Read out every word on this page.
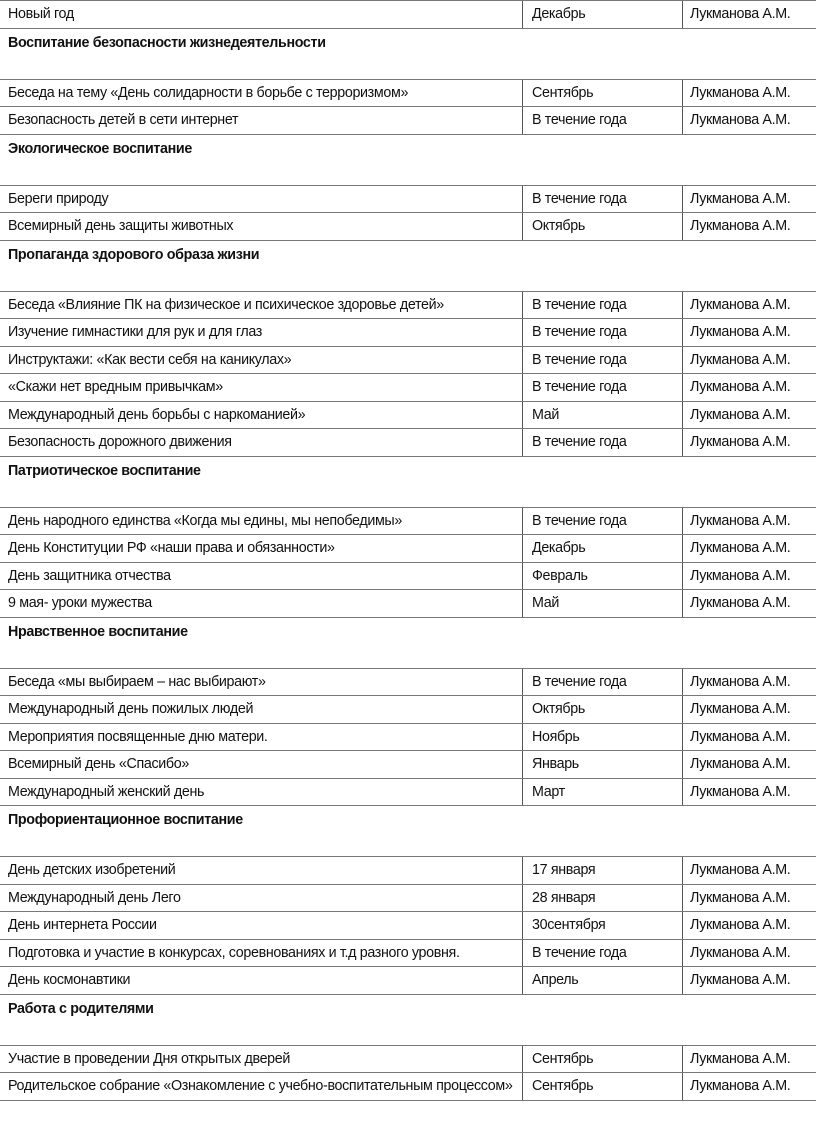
Новый год	Декабрь	Лукманова А.М.
Воспитание безопасности жизнедеятельности
Беседа на тему «День солидарности в борьбе с терроризмом»	Сентябрь	Лукманова А.М.
Безопасность детей в сети интернет	В течение года	Лукманова А.М.
Экологическое воспитание
Береги природу	В течение года	Лукманова А.М.
Всемирный день защиты животных	Октябрь	Лукманова А.М.
Пропаганда здорового образа жизни
Беседа «Влияние ПК на физическое и психическое здоровье детей»	В течение года	Лукманова А.М.
Изучение гимнастики для рук и для глаз	В течение года	Лукманова А.М.
Инструктажи: «Как вести себя на каникулах»	В течение года	Лукманова А.М.
«Скажи нет вредным привычкам»	В течение года	Лукманова А.М.
Международный день борьбы с наркоманией»	Май	Лукманова А.М.
Безопасность дорожного движения	В течение года	Лукманова А.М.
Патриотическое воспитание
День народного единства «Когда мы едины, мы непобедимы»	В течение года	Лукманова А.М.
День Конституции РФ «наши права и обязанности»	Декабрь	Лукманова А.М.
День защитника отчества	Февраль	Лукманова А.М.
9 мая- уроки мужества	Май	Лукманова А.М.
Нравственное воспитание
Беседа «мы выбираем – нас выбирают»	В течение года	Лукманова А.М.
Международный день пожилых людей	Октябрь	Лукманова А.М.
Мероприятия посвященные дню матери.	Ноябрь	Лукманова А.М.
Всемирный день «Спасибо»	Январь	Лукманова А.М.
Международный женский день	Март	Лукманова А.М.
Профориентационное воспитание
День детских изобретений	17 января	Лукманова А.М.
Международный день Лего	28 января	Лукманова А.М.
День интернета России	30сентября	Лукманова А.М.
Подготовка и участие в конкурсах, соревнованиях и т.д разного уровня.	В течение года	Лукманова А.М.
День космонавтики	Апрель	Лукманова А.М.
Работа с родителями
Участие в проведении Дня открытых дверей	Сентябрь	Лукманова А.М.
Родительское собрание «Ознакомление с учебно-воспитательным процессом»	Сентябрь	Лукманова А.М.
